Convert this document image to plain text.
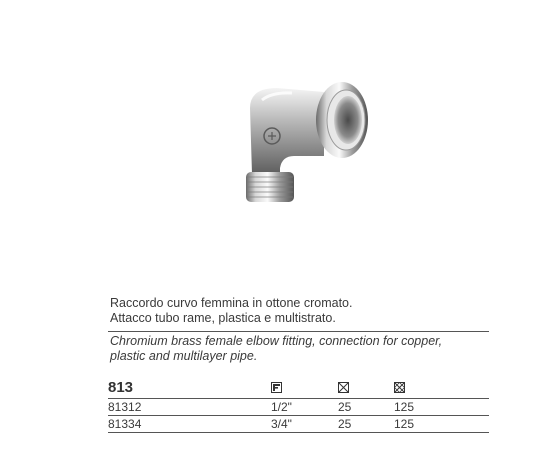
Raccordo curvo femmina in ottone cromato.
Attacco tubo rame, plastica e multistrato.
Chromium brass female elbow fitting, connection for copper,
plastic and multilayer pipe.
813
81312	1/2"	25	125
81334	3/4"	25	125
